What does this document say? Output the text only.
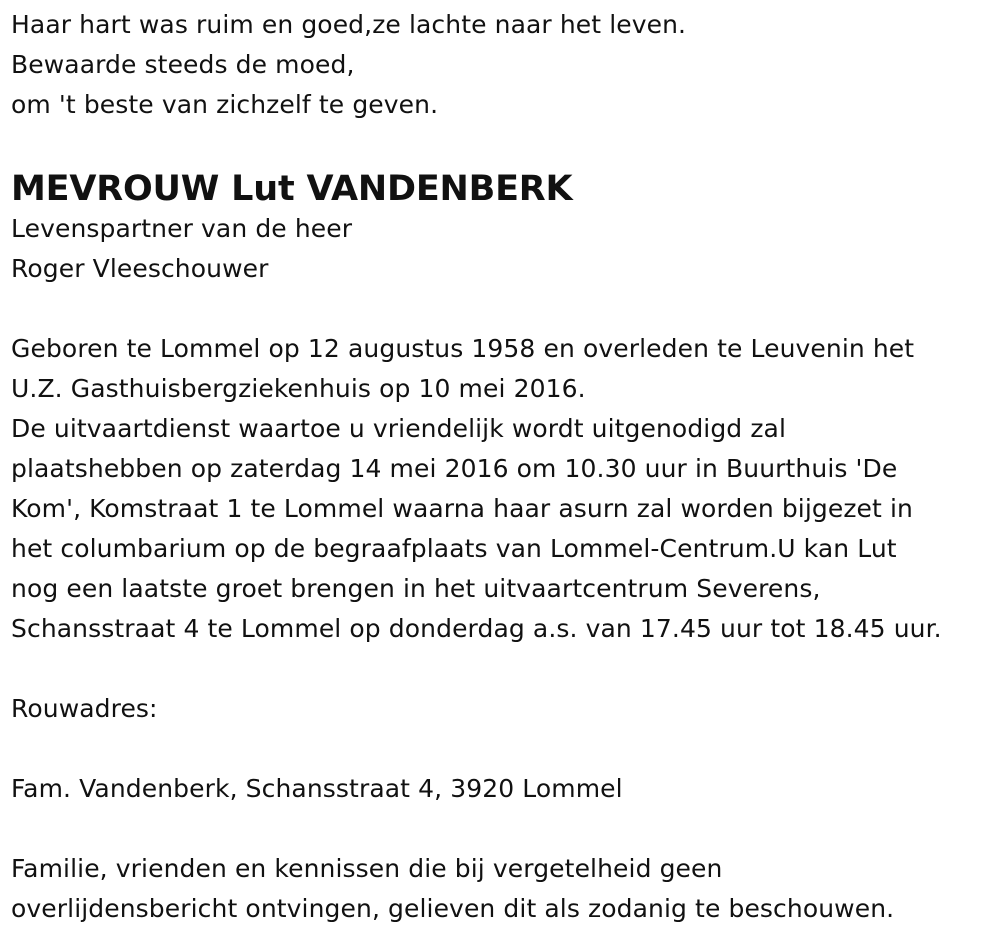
Haar hart was ruim en goed,ze lachte naar het leven.
Bewaarde steeds de moed,
om 't beste van zichzelf te geven.
MEVROUW Lut VANDENBERK
Levenspartner van de heer
Roger Vleeschouwer
Geboren te Lommel op 12 augustus 1958 en overleden te Leuvenin het
U.Z. Gasthuisbergziekenhuis op 10 mei 2016.
De uitvaartdienst waartoe u vriendelijk wordt uitgenodigd zal
plaatshebben op zaterdag 14 mei 2016 om 10.30 uur in Buurthuis 'De
Kom', Komstraat 1 te Lommel waarna haar asurn zal worden bijgezet in
het columbarium op de begraafplaats van Lommel-Centrum.U kan Lut
nog een laatste groet brengen in het uitvaartcentrum Severens,
Schansstraat 4 te Lommel op donderdag a.s. van 17.45 uur tot 18.45 uur.
Rouwadres:
Fam. Vandenberk, Schansstraat 4, 3920 Lommel
Familie, vrienden en kennissen die bij vergetelheid geen
overlijdensbericht ontvingen, gelieven dit als zodanig te beschouwen.
